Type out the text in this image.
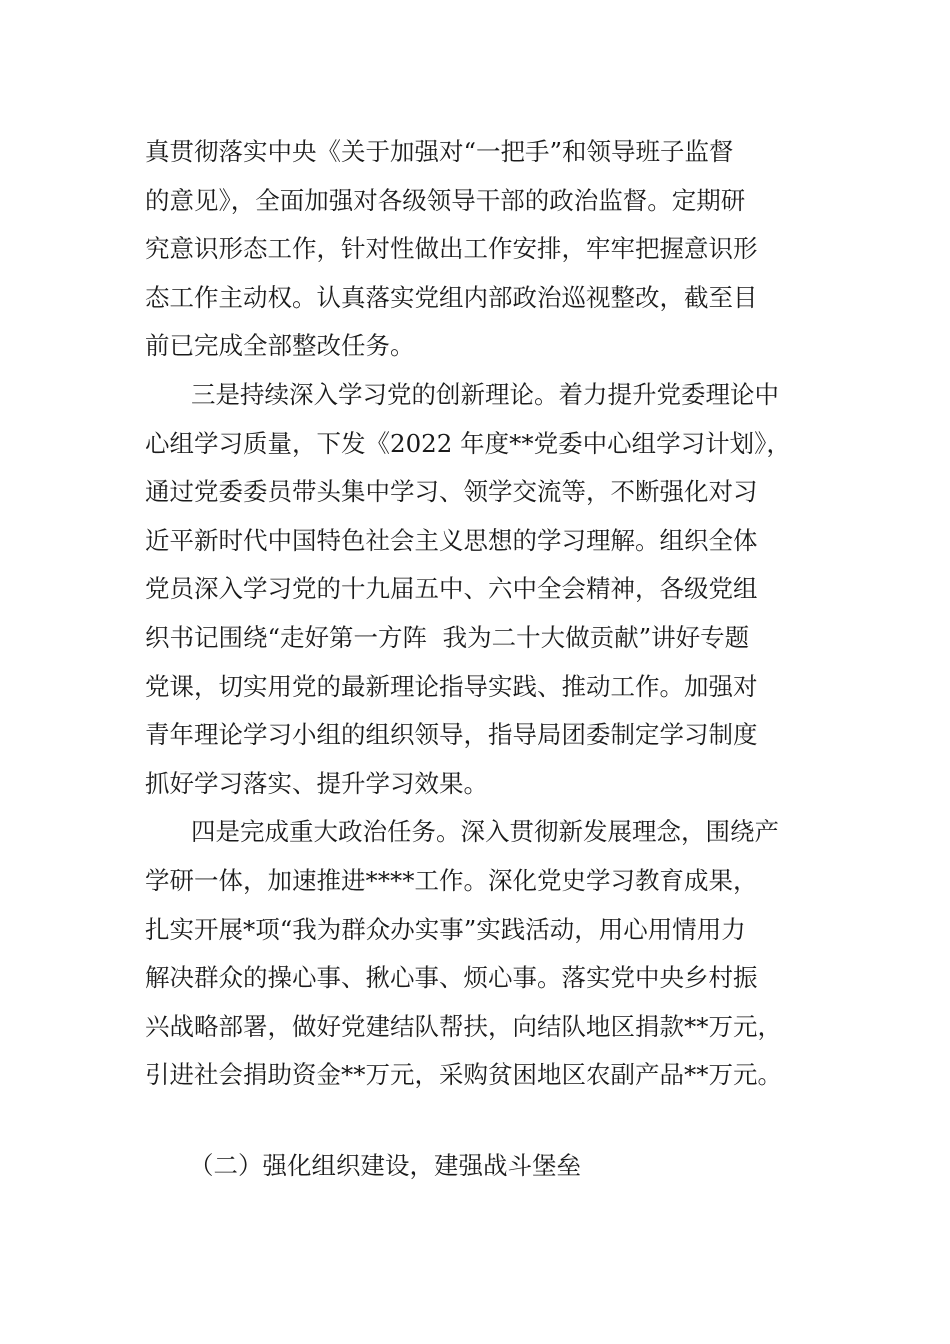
真贯彻落实中央《关于加强对“一把手”和领导班子监督
的意见》，全面加强对各级领导干部的政治监督。定期研
究意识形态工作，针对性做出工作安排，牢牢把握意识形
态工作主动权。认真落实党组内部政治巡视整改，截至目
前已完成全部整改任务。
三是持续深入学习党的创新理论。着力提升党委理论中
心组学习质量，下发《2022 年度**党委中心组学习计划》，
通过党委委员带头集中学习、领学交流等，不断强化对习
近平新时代中国特色社会主义思想的学习理解。组织全体
党员深入学习党的十九届五中、六中全会精神，各级党组
织书记围绕“走好第一方阵  我为二十大做贡献”讲好专题
党课，切实用党的最新理论指导实践、推动工作。加强对
青年理论学习小组的组织领导，指导局团委制定学习制度
抓好学习落实、提升学习效果。
四是完成重大政治任务。深入贯彻新发展理念，围绕产
学研一体，加速推进****工作。深化党史学习教育成果，
扎实开展*项“我为群众办实事”实践活动，用心用情用力
解决群众的操心事、揪心事、烦心事。落实党中央乡村振
兴战略部署，做好党建结队帮扶，向结队地区捐款**万元，
引进社会捐助资金**万元，采购贫困地区农副产品**万元。
（二）强化组织建设，建强战斗堡垒
